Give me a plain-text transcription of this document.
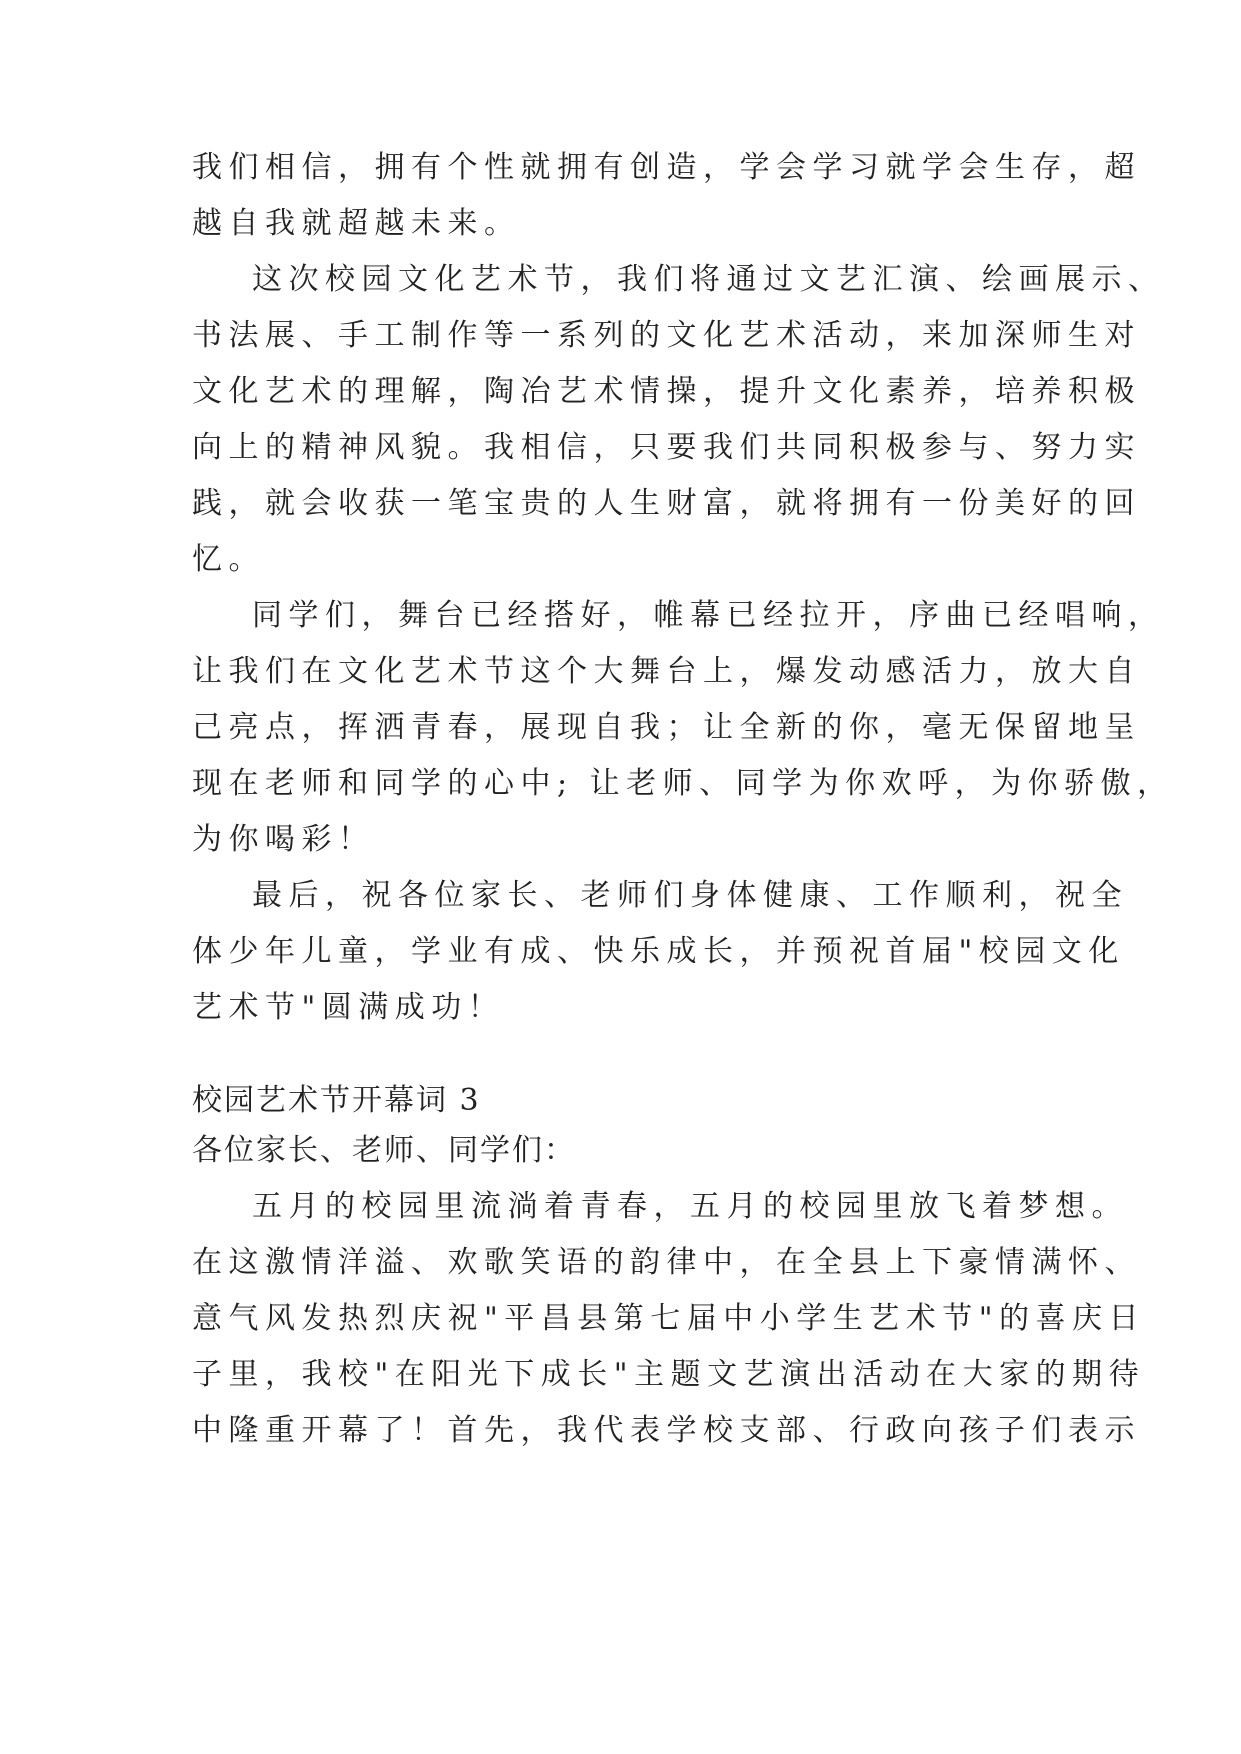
我们相信，拥有个性就拥有创造，学会学习就学会生存，超
越自我就超越未来。
这次校园文化艺术节，我们将通过文艺汇演、绘画展示、
书法展、手工制作等一系列的文化艺术活动，来加深师生对
文化艺术的理解，陶冶艺术情操，提升文化素养，培养积极
向上的精神风貌。我相信，只要我们共同积极参与、努力实
践，就会收获一笔宝贵的人生财富，就将拥有一份美好的回
忆。
同学们，舞台已经搭好，帷幕已经拉开，序曲已经唱响，
让我们在文化艺术节这个大舞台上，爆发动感活力，放大自
己亮点，挥洒青春，展现自我；让全新的你，毫无保留地呈
现在老师和同学的心中; 让老师、同学为你欢呼，为你骄傲，
为你喝彩！
最后，祝各位家长、老师们身体健康、工作顺利，祝全
体少年儿童，学业有成、快乐成长，并预祝首届"校园文化
艺术节"圆满成功！
校园艺术节开幕词 3
各位家长、老师、同学们：
五月的校园里流淌着青春，五月的校园里放飞着梦想。
在这激情洋溢、欢歌笑语的韵律中，在全县上下豪情满怀、
意气风发热烈庆祝"平昌县第七届中小学生艺术节"的喜庆日
子里，我校"在阳光下成长"主题文艺演出活动在大家的期待
中隆重开幕了！首先，我代表学校支部、行政向孩子们表示
